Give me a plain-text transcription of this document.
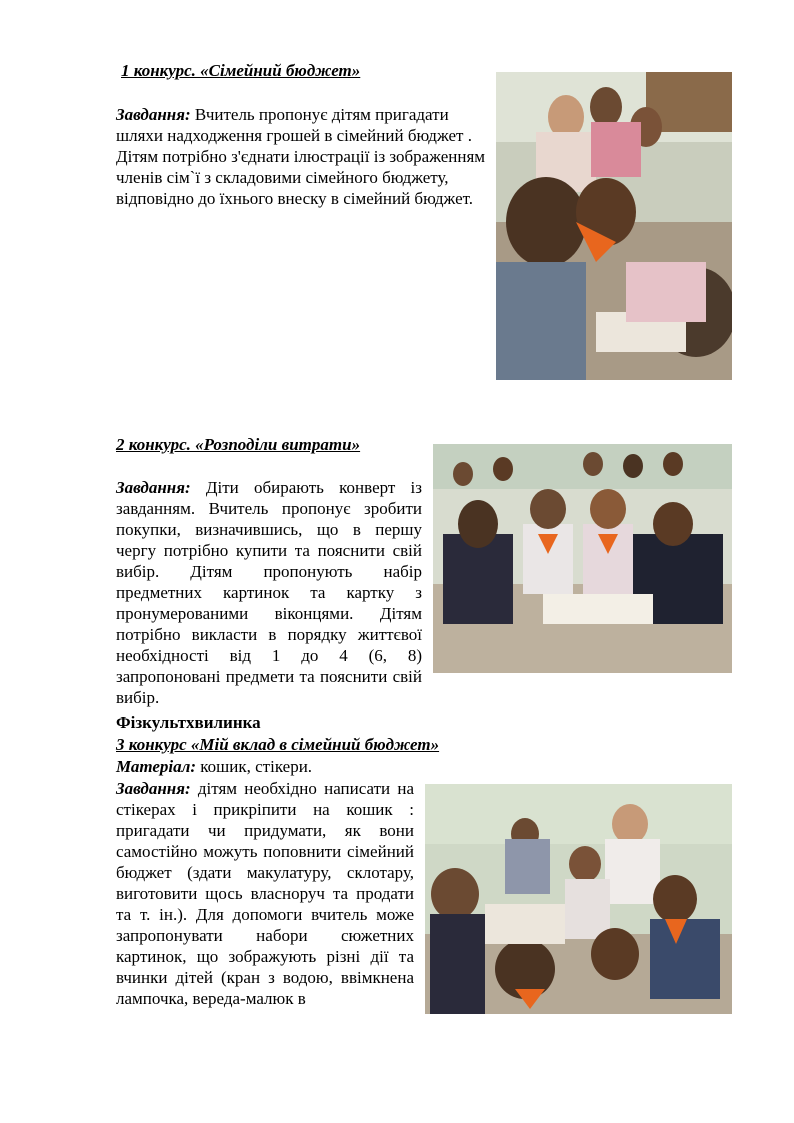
1 конкурс. «Сімейний бюджет»

Завдання: Вчитель пропонує дітям пригадати шляхи надходження грошей в сімейний бюджет . Дітям потрібно з'єднати ілюстрації із зображенням членів сім`ї з складовими сімейного бюджету, відповідно до їхнього внеску в сімейний бюджет.

2 конкурс. «Розподіли витрати»

Завдання: Діти обирають конверт із завданням. Вчитель пропонує зробити покупки, визначившись, що в першу чергу потрібно купити та пояснити свій вибір. Дітям пропонують набір предметних картинок та картку з пронумерованими віконцями. Дітям потрібно викласти в порядку життєвої необхідності від 1 до 4 (6, 8) запропоновані предмети та пояснити свій вибір.

Фізкультхвилинка
3 конкурс «Мій вклад в сімейний бюджет»

Матеріал: кошик, стікери.

Завдання: дітям необхідно написати на стікерах і прикріпити на кошик : пригадати чи придумати, як вони самостійно можуть поповнити сімейний бюджет (здати макулатуру, склотару, виготовити щось власноруч та продати та т. ін.). Для допомоги вчитель може запропонувати набори сюжетних картинок, що зображують різні дії та вчинки дітей (кран з водою, ввімкнена лампочка, вереда-малюк в
